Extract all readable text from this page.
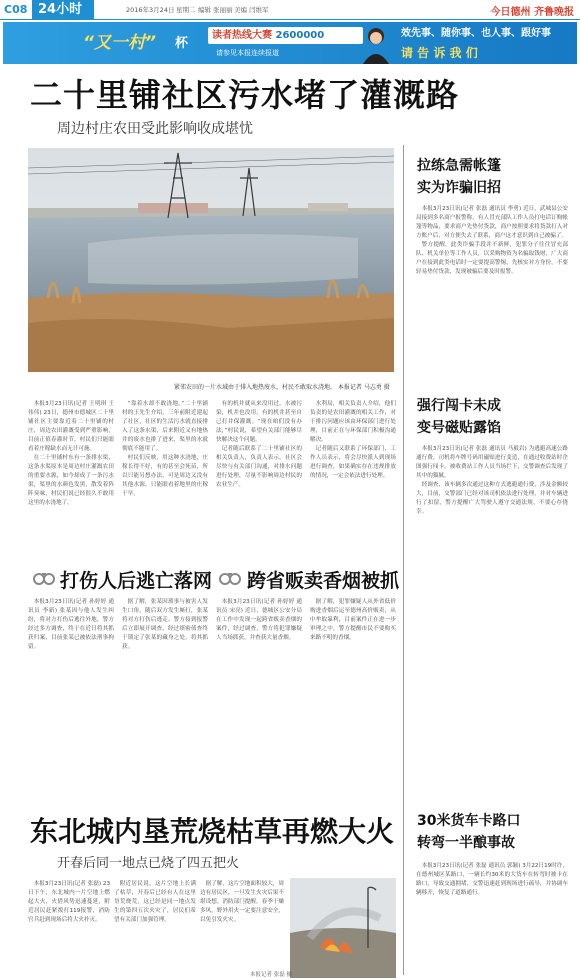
C08 24小时	2016年3月24日 星期二 编辑 张丽丽 美编 闫维军	今日德州 齐鲁晚报
“又一村” 杯
读者热线大赛 2600000
请参见本报连续报道
效先事、随你事、也人事、跟好事
请 告 诉 我 们
二十里铺社区污水堵了灌溉路
周边村庄农田受此影响收成堪忧
紧邻农田的一片水域由于排入地热废水，村民不敢取水浇地。 本报记者 马志勇 摄

本报3月23日讯(记者 王明琪 王伟伟) 23日，德州市德城区二十里铺社区主要靠近着二十里铺的村庄，周边农田灌溉受到严重影响，目前正值春灌时节，村民们只能眼看着庄稼缺水而无计可施。

在二十里铺村东有一条排水渠，这条水渠原本是周边村庄灌溉农田的重要水源，如今却成了一条污水渠，渠里的水颜色发黑，散发着阵阵臭味，村民们说已经很久不敢用这里的水浇地了。

“靠着水却不敢浇地。”二十里铺村的王先生介绍，三年前附近建起了社区，社区的生活污水就直接排入了这条水渠，后来附近又有地热井的废水也排了进来，渠里的水就彻底不能用了。

村民们反映，用这种水浇地，庄稼长得不好，有的甚至会死苗，所以只能另想办法，可是周边又没有其他水源，只能眼看着地里的庄稼干旱。

有的机井就从来没用过，水被污染，机井也没用，有的机井甚至自己打井保灌溉。“现在咱们没有办法，”村民说，希望有关部门能够尽快解决这个问题。

记者随后联系了二十里铺社区的相关负责人，负责人表示，社区会尽快与有关部门沟通，对排水问题进行处理，尽量不影响周边村民的农业生产。

水利局，相关负责人介绍，他们负责的是农田灌溉的相关工作，对于排污问题应该由环保部门进行处理，目前正在与环保部门积极沟通解决。

记者随后又联系了环保部门，工作人员表示，将会尽快派人到现场进行调查，如果确实存在违规排放的情况，一定会依法进行处理。

打伤人后逃亡落网

本报3月23日讯(记者 孙婷婷 通讯员 李新) 张某因与他人发生纠纷，将对方打伤后逃往外地，警方经过多方调查，终于在近日将其抓获归案，目前张某已被依法刑事拘留。

据了解，张某因琐事与被害人发生口角，随后双方发生厮打，张某将对方打伤后逃走。警方接到报警后立即展开调查，经过缜密侦查终于锁定了张某的藏身之处，将其抓获。

跨省贩卖香烟被抓

本报3月23日讯(记者 孙婷婷 通讯员 宋亮) 近日，德城区公安分局在工作中发现一起跨省贩卖香烟的案件，经过调查，警方将犯罪嫌疑人当场抓获，并查获大量香烟。

据了解，犯罪嫌疑人从外省低价购进香烟后运至德州高价贩卖，从中牟取暴利，目前案件正在进一步审理之中，警方提醒市民不要购买来路不明的香烟。

东北城内垦荒烧枯草再燃大火
开春后同一地点已烧了四五把火

本报3月23日讯(记者 张磊) 23日下午，东北城内一片空地上燃起大火，火借风势迅速蔓延，附近居民赶紧拨打119报警，消防官兵赶到现场后将大火扑灭。

附近居民说，这片空地上长满了枯草，开春后已经有人在这里垦荒烧荒，这已经是同一地点发生的第四五次火灾了，居民们希望有关部门加强管理。

据了解，这片空地面积较大，周边有居民区，一旦发生火灾后果不堪设想。消防部门提醒，春季干燥多风，野外用火一定要注意安全，以免引发火灾。

本报记者 张磊 摄
拉练急需帐篷
实为诈骗旧招

本报3月23日讯(记者 张磊 通讯员 李勇) 近日，武城县公安局接到多名商户报警称，有人冒充部队工作人员打电话订购帐篷等物品，要求商户先垫付货款，商户按照要求将货款打入对方账户后，对方便失去了联系，商户这才意识到自己被骗了。

警方提醒，此类诈骗手段并不新鲜，犯罪分子往往冒充部队、机关单位等工作人员，以采购物资为名骗取钱财，广大商户在接到此类电话时一定要提高警惕，先核实对方身份，不要轻易垫付货款，发现被骗后要及时报警。

强行闯卡未成
变号磁贴露馅

本报3月23日讯(记者 张磊 通讯员 马毅岩) 为逃避高速公路通行费，司机将车牌号码用磁贴进行变造，在通过收费站时企图强行闯卡，被收费站工作人员当场拦下，交警调查后发现了其中的猫腻。

经调查，该车辆多次通过这种方式逃避通行费，涉及金额较大，目前，交警部门已经对该司机依法进行处理，并对车辆进行了扣留，警方提醒广大驾驶人遵守交通法规，不要心存侥幸。

30米货车卡路口
转弯一半酿事故

本报3月23日讯(记者 张磊 通讯员 郭颖) 3月22日19时许，在德州城区某路口，一辆长约30米的大货车在转弯时被卡在路口，导致交通拥堵，交警迅速赶到现场进行疏导，并协调车辆移开，恢复了道路通行。
